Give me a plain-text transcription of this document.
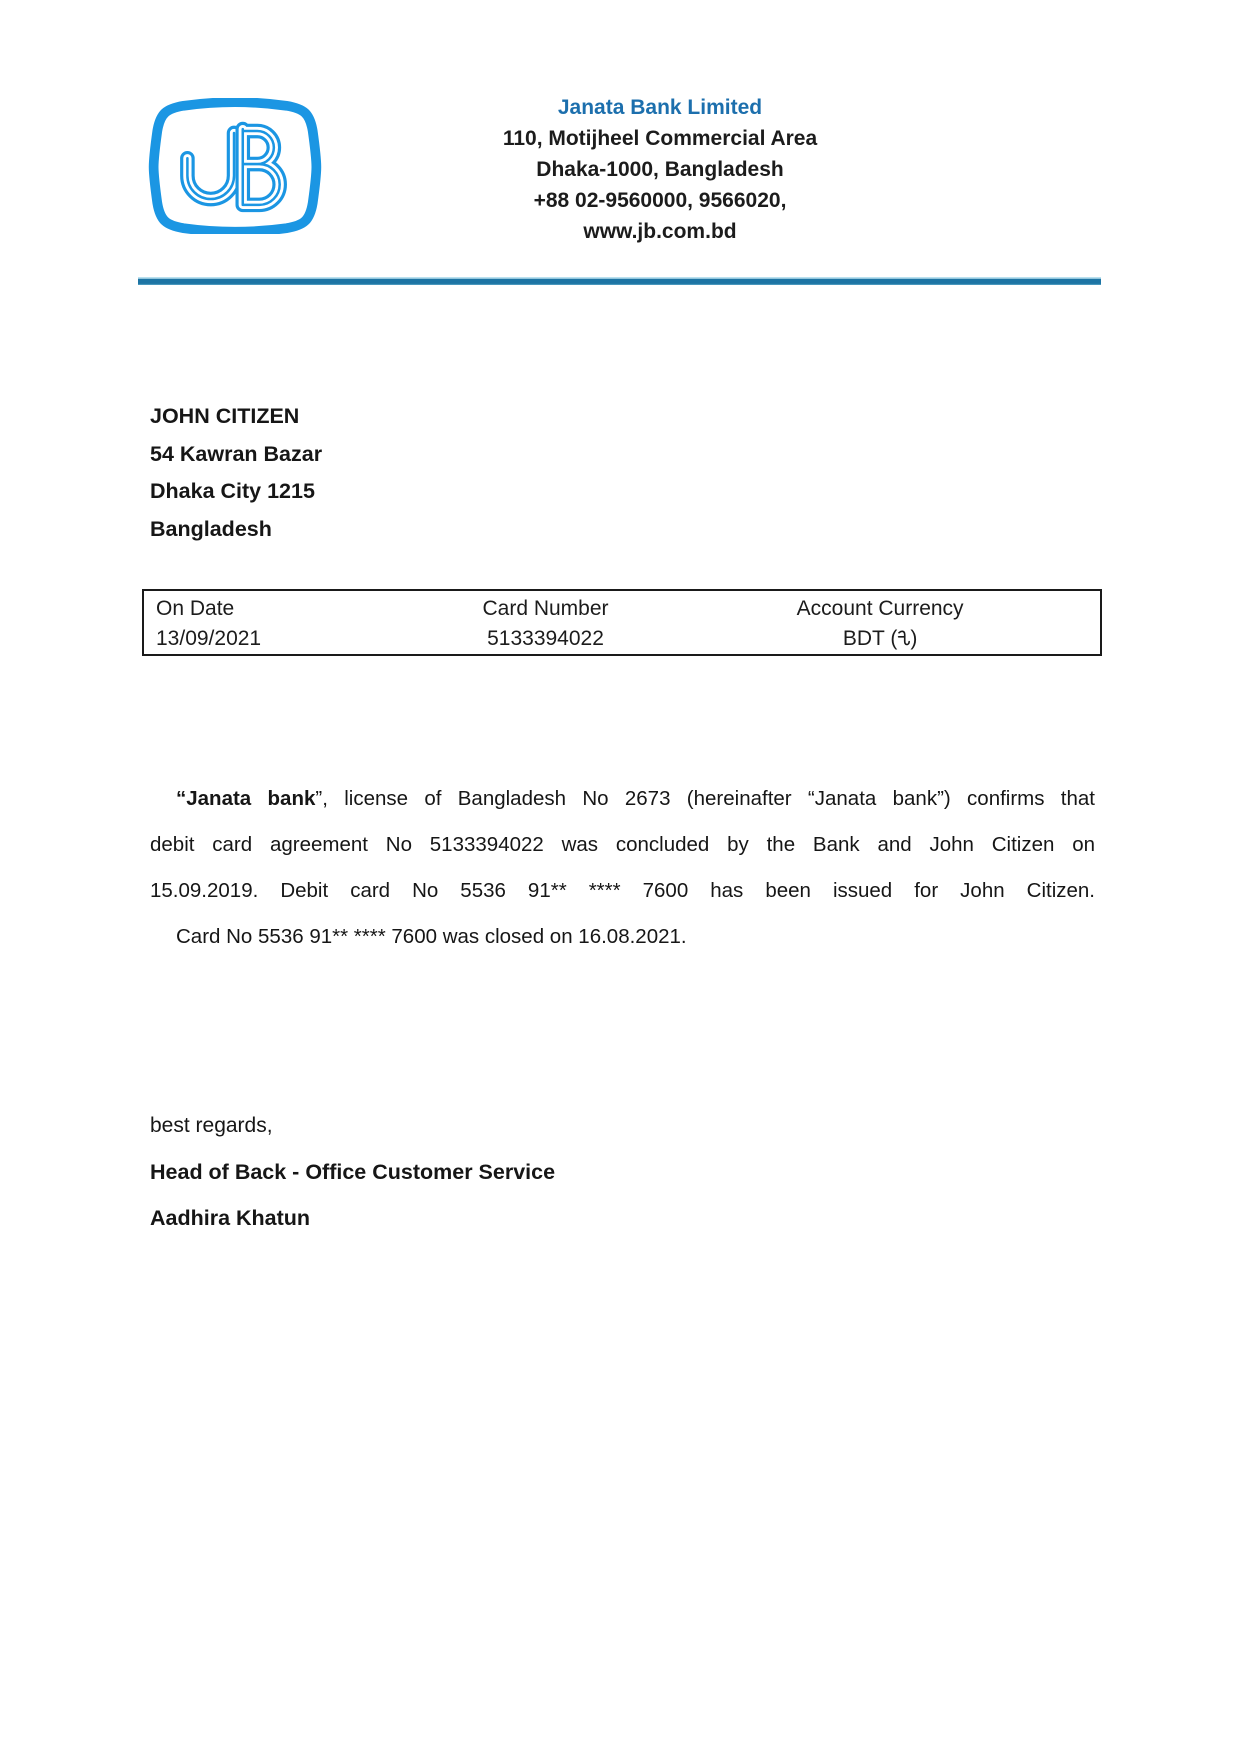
Janata Bank Limited
110, Motijheel Commercial Area
Dhaka-1000, Bangladesh
+88 02-9560000, 9566020,
www.jb.com.bd
JOHN CITIZEN
54 Kawran Bazar
Dhaka City 1215
Bangladesh
On Date	Card Number	Account Currency
13/09/2021	5133394022	BDT ( )
“Janata bank”, license of Bangladesh No 2673 (hereinafter “Janata bank”) confirms that
debit card agreement No 5133394022 was concluded by the Bank and John Citizen on
15.09.2019. Debit card No 5536 91** **** 7600 has been issued for John Citizen.
Card No 5536 91** **** 7600 was closed on 16.08.2021.
best regards,
Head of Back - Office Customer Service
Aadhira Khatun
